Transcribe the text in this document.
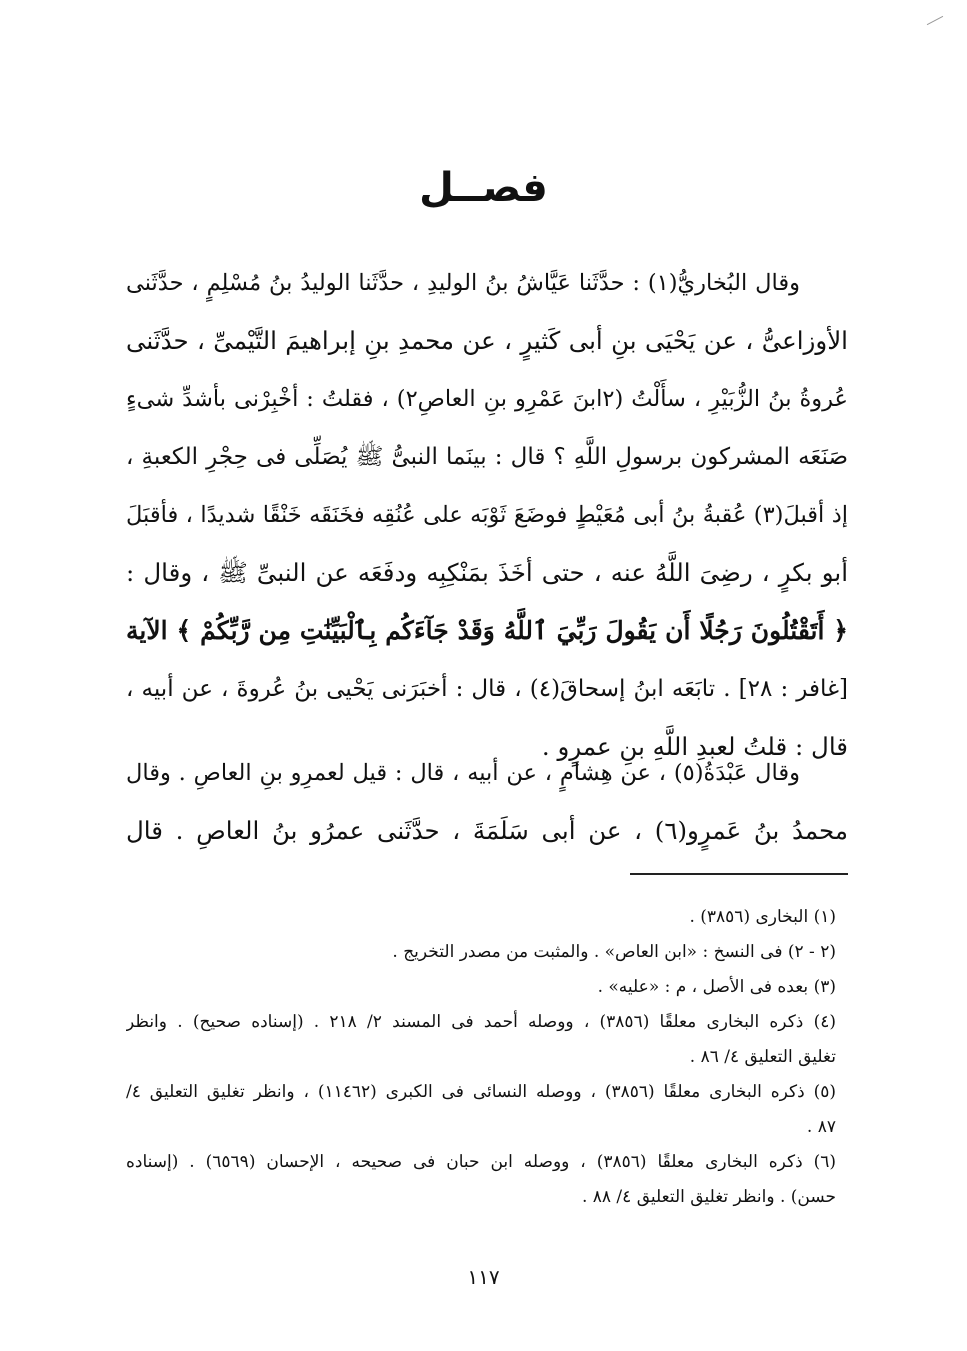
فصــل
وقال البُخاريُّ(١) : حدَّثَنا عَيَّاشُ بنُ الوليدِ ، حدَّثَنا الوليدُ بنُ مُسْلِمٍ ، حدَّثَنى
الأوزاعىُّ ، عن يَحْيَى بنِ أبى كَثيرٍ ، عن محمدِ بنِ إبراهيمَ التَّيْمىِّ ، حدَّثَنى
عُروةُ بنُ الزُّبَيْرِ ، سأَلْتُ (٢ابنَ عَمْرِو بنِ العاصِ٢) ، فقلتُ : أخْبِرْنى بأشدِّ شىءٍ
صَنَعَه المشركون برسولِ اللَّهِ ؟ قال : بينَما النبىُّ ﷺ يُصَلِّى فى حِجْرِ الكعبةِ ،
إذ أقبلَ(٣) عُقبةُ بنُ أبى مُعَيْطٍ فوضَعَ ثَوْبَه على عُنُقِه فخَنَقَه خَنْقًا شديدًا ، فأقبَلَ
أبو بكرٍ ، رضِىَ اللَّهُ عنه ، حتى أخَذَ بمَنْكِبِه ودفَعَه عن النبىِّ ﷺ ، وقال :
﴿ أَتَقْتُلُونَ رَجُلًا أَن يَقُولَ رَبِّيَ ٱللَّهُ وَقَدْ جَآءَكُم بِٱلْبَيِّنَٰتِ مِن رَّبِّكُمْ ﴾ الآية
[غافر : ٢٨] . تابَعَه ابنُ إسحاقَ(٤) ، قال : أخبَرَنى يَحْيى بنُ عُروةَ ، عن أبيه ،
قال : قلتُ لعبدِ اللَّهِ بنِ عمرٍو .
وقال عَبْدَةُ(٥) ، عن هِشامٍ ، عن أبيه ، قال : قيل لعمرِو بنِ العاصِ . وقال
محمدُ بنُ عَمرٍو(٦) ، عن أبى سَلَمَةَ ، حدَّثَنى عمرُو بنُ العاصِ . قال
(١) البخارى (٣٨٥٦) .
(٢ - ٢) فى النسخ : «ابن العاص» . والمثبت من مصدر التخريج .
(٣) بعده فى الأصل ، م : «عليه» .
(٤) ذكره البخارى معلقًا (٣٨٥٦) ، ووصله أحمد فى المسند ٢/ ٢١٨ . (إسناده صحيح) . وانظر
تغليق التعليق ٤/ ٨٦ .
(٥) ذكره البخارى معلقًا (٣٨٥٦) ، ووصله النسائى فى الكبرى (١١٤٦٢) ، وانظر تغليق التعليق ٤/
٨٧ .
(٦) ذكره البخارى معلقًا (٣٨٥٦) ، ووصله ابن حبان فى صحيحه ، الإحسان (٦٥٦٩) . (إسناده
حسن) . وانظر تغليق التعليق ٤/ ٨٨ .
١١٧
